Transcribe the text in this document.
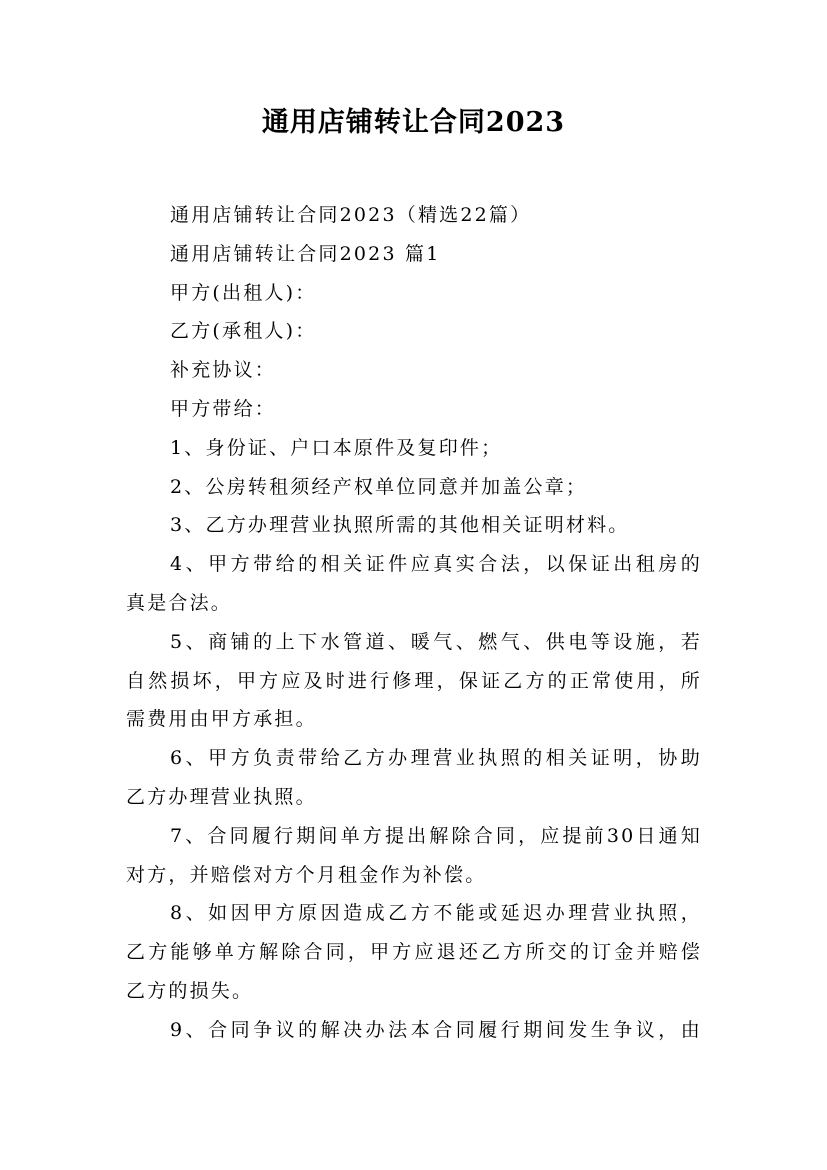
通用店铺转让合同2023
通用店铺转让合同2023（精选22篇）
通用店铺转让合同2023 篇1
甲方(出租人)：
乙方(承租人)：
补充协议：
甲方带给：
1、身份证、户口本原件及复印件；
2、公房转租须经产权单位同意并加盖公章；
3、乙方办理营业执照所需的其他相关证明材料。
4、甲方带给的相关证件应真实合法，以保证出租房的
真是合法。
5、商铺的上下水管道、暖气、燃气、供电等设施，若
自然损坏，甲方应及时进行修理，保证乙方的正常使用，所
需费用由甲方承担。
6、甲方负责带给乙方办理营业执照的相关证明，协助
乙方办理营业执照。
7、合同履行期间单方提出解除合同，应提前30日通知
对方，并赔偿对方个月租金作为补偿。
8、如因甲方原因造成乙方不能或延迟办理营业执照，
乙方能够单方解除合同，甲方应退还乙方所交的订金并赔偿
乙方的损失。
9、合同争议的解决办法本合同履行期间发生争议，由
